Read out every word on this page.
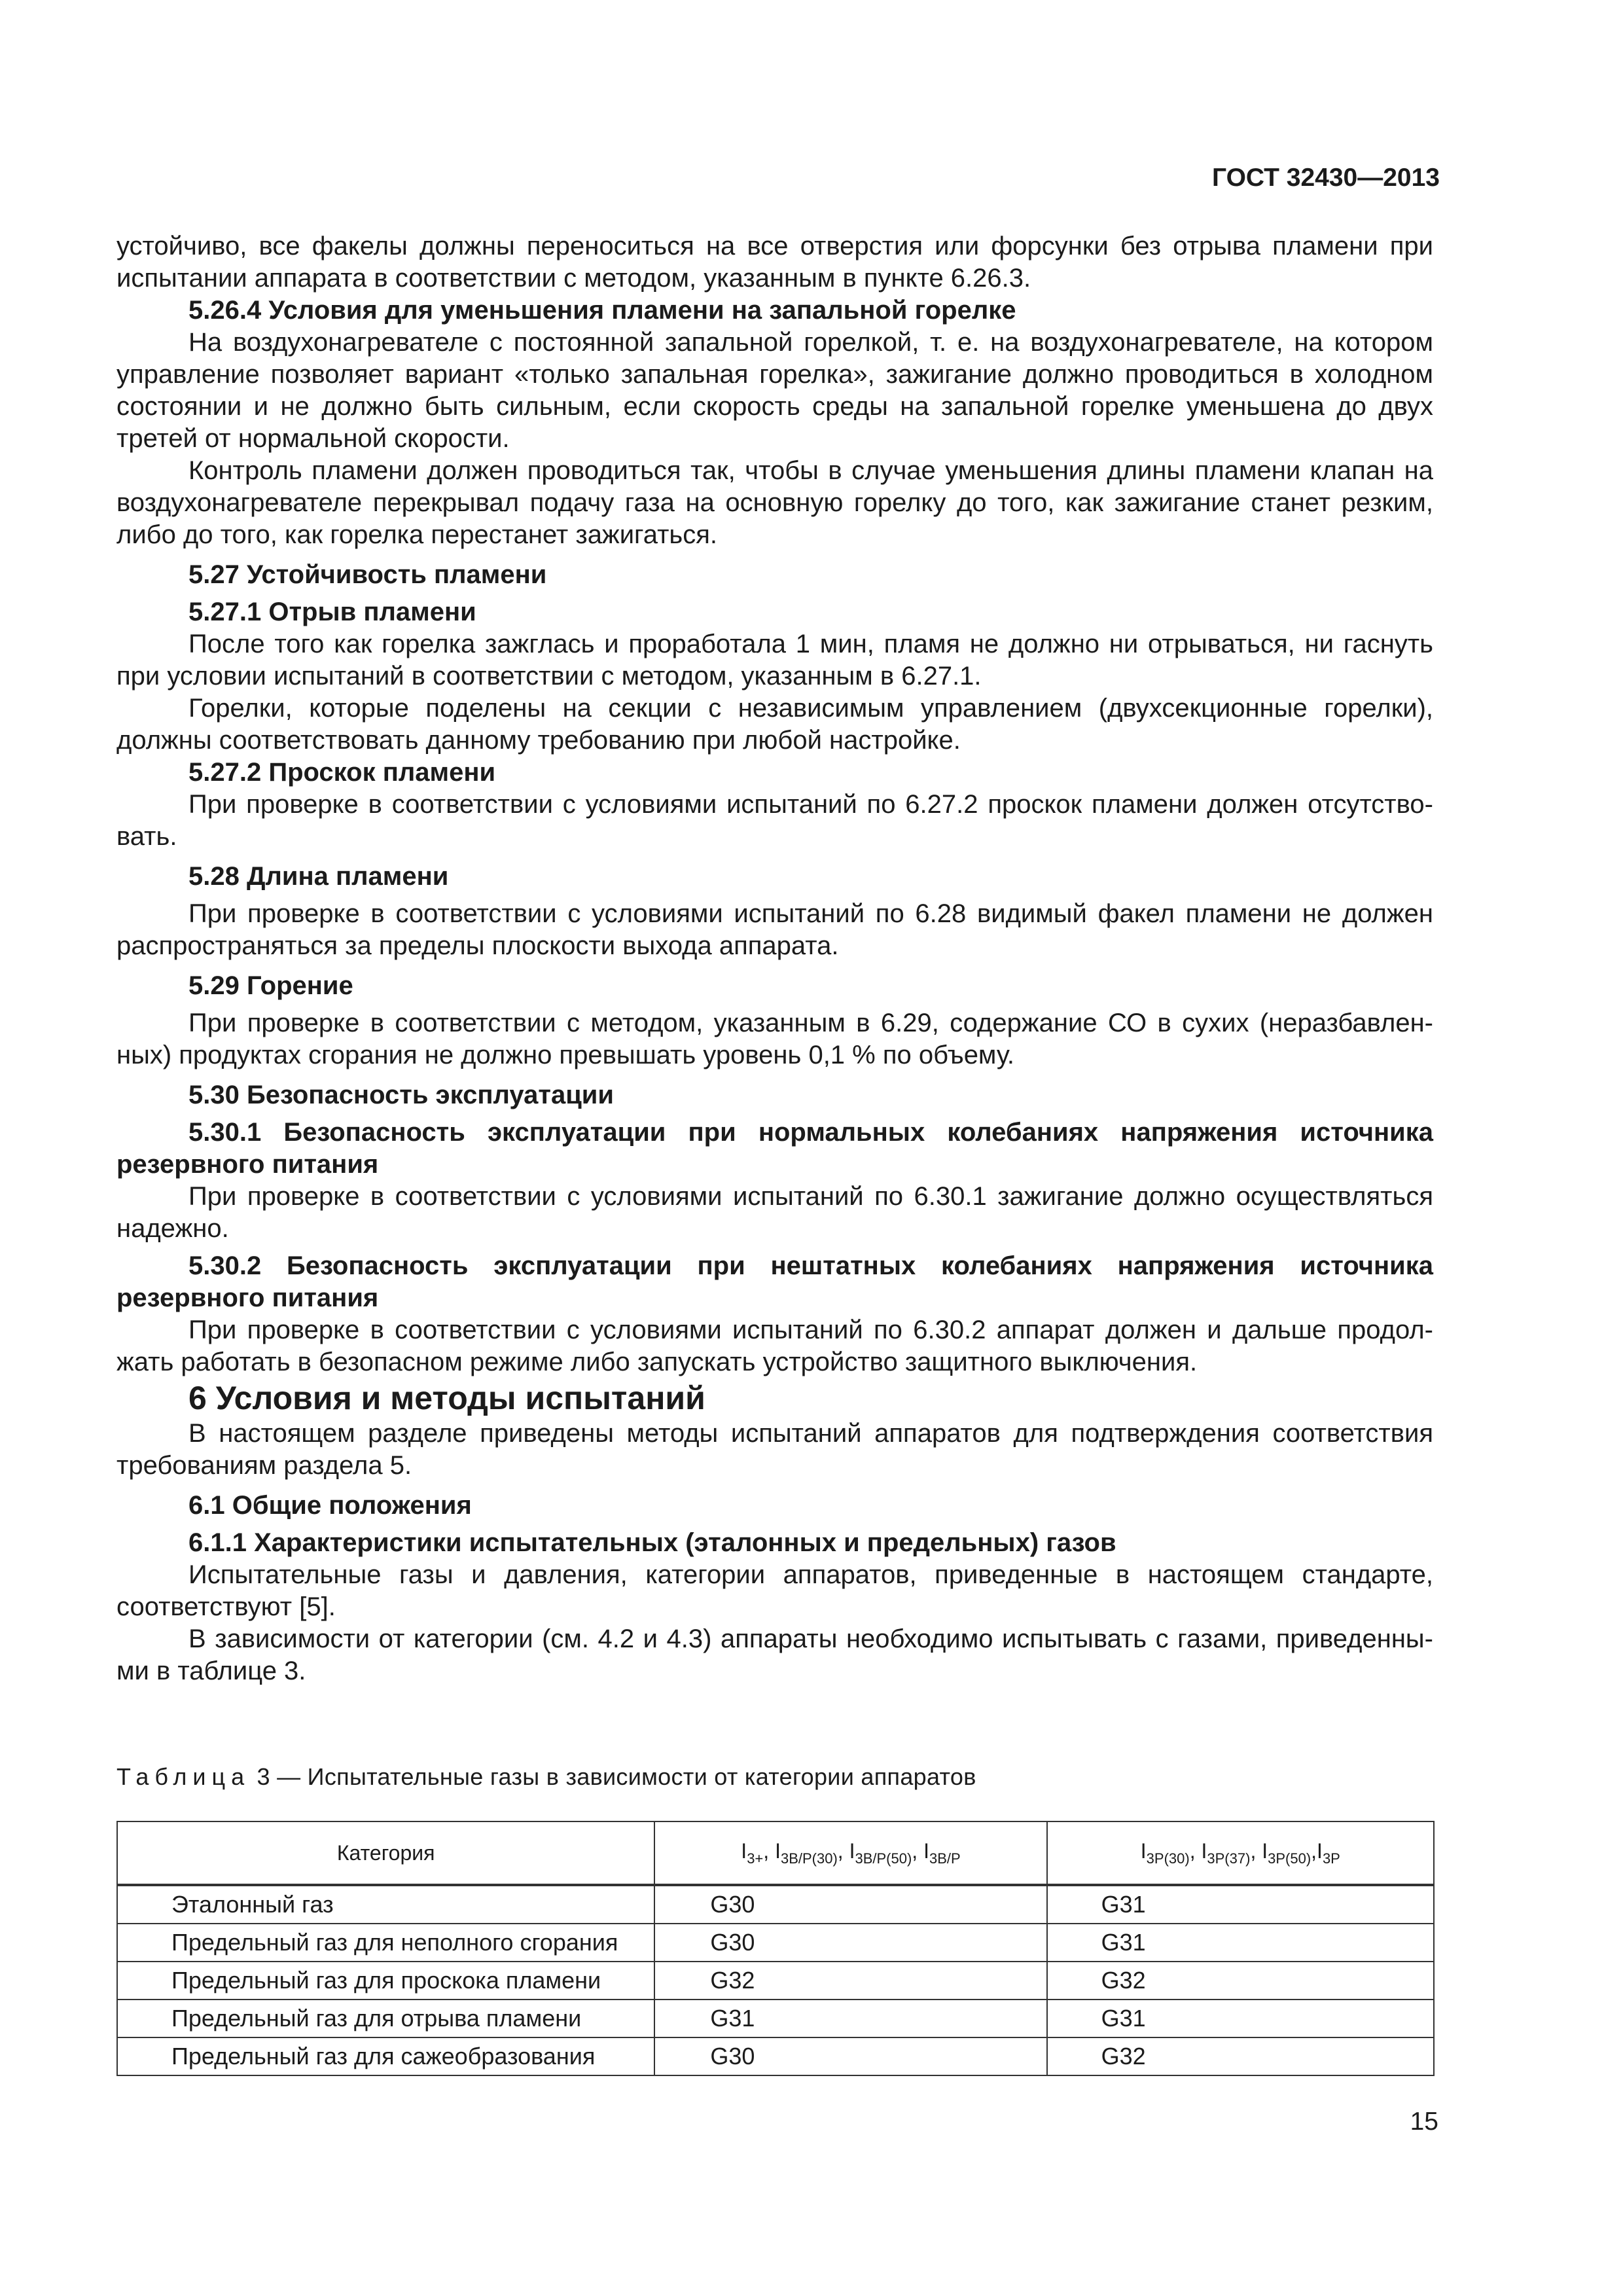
ГОСТ 32430—2013

устойчиво, все факелы должны переноситься на все отверстия или форсунки без отрыва пламени при испытании аппарата в соответствии с методом, указанным в пункте 6.26.3.

5.26.4 Условия для уменьшения пламени на запальной горелке

На воздухонагревателе с постоянной запальной горелкой, т. е. на воздухонагревателе, на котором управление позволяет вариант «только запальная горелка», зажигание должно проводиться в холодном состоянии и не должно быть сильным, если скорость среды на запальной горелке уменьшена до двух третей от нормальной скорости.

Контроль пламени должен проводиться так, чтобы в случае уменьшения длины пламени клапан на воздухонагревателе перекрывал подачу газа на основную горелку до того, как зажигание станет резким, либо до того, как горелка перестанет зажигаться.

5.27 Устойчивость пламени

5.27.1 Отрыв пламени

После того как горелка зажглась и проработала 1 мин, пламя не должно ни отрываться, ни гаснуть при условии испытаний в соответствии с методом, указанным в 6.27.1.

Горелки, которые поделены на секции с независимым управлением (двухсекционные горелки), должны соответствовать данному требованию при любой настройке.

5.27.2 Проскок пламени

При проверке в соответствии с условиями испытаний по 6.27.2 проскок пламени должен отсутство- вать.

5.28 Длина пламени

При проверке в соответствии с условиями испытаний по 6.28 видимый факел пламени не должен распространяться за пределы плоскости выхода аппарата.

5.29 Горение

При проверке в соответствии с методом, указанным в 6.29, содержание СО в сухих (неразбавлен- ных) продуктах сгорания не должно превышать уровень 0,1 % по объему.

5.30 Безопасность эксплуатации

5.30.1 Безопасность эксплуатации при нормальных колебаниях напряжения источника резервного питания

При проверке в соответствии с условиями испытаний по 6.30.1 зажигание должно осуществляться надежно.

5.30.2 Безопасность эксплуатации при нештатных колебаниях напряжения источника резервного питания

При проверке в соответствии с условиями испытаний по 6.30.2 аппарат должен и дальше продол- жать работать в безопасном режиме либо запускать устройство защитного выключения.

6 Условия и методы испытаний

В настоящем разделе приведены методы испытаний аппаратов для подтверждения соответствия требованиям раздела 5.

6.1 Общие положения

6.1.1 Характеристики испытательных (эталонных и предельных) газов

Испытательные газы и давления, категории аппаратов, приведенные в настоящем стандарте, соответствуют [5].

В зависимости от категории (см. 4.2 и 4.3) аппараты необходимо испытывать с газами, приведенны- ми в таблице 3.

Таблица 3 — Испытательные газы в зависимости от категории аппаратов
Категория	$I_{3+}$, $I_{3B/P(30)}$, $I_{3B/P(50)}$, $I_{3B/P}$	$I_{3P(30)}$, $I_{3P(37)}$, $I_{3P(50)},I_{3P}$
Эталонный газ	G30	G31
Предельный газ для неполного сгорания	G30	G31
Предельный газ для проскока пламени	G32	G32
Предельный газ для отрыва пламени	G31	G31
Предельный газ для сажеобразования	G30	G32
15
